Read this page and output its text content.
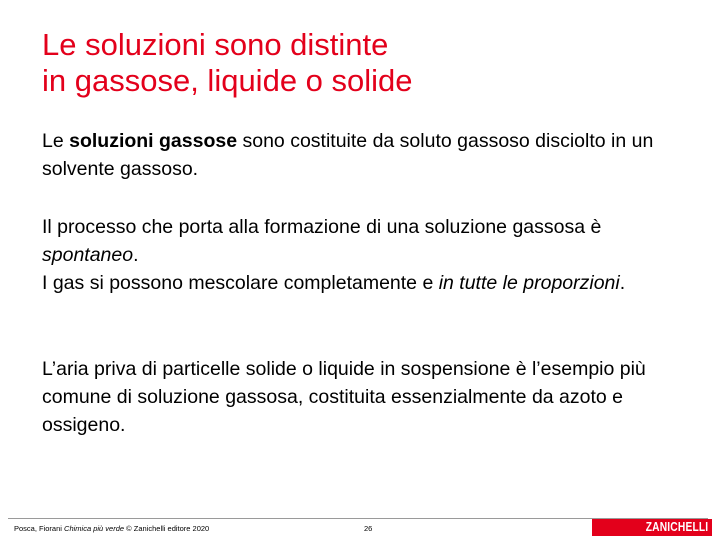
Le soluzioni sono distinte
in gassose, liquide o solide

Le soluzioni gassose sono costituite da soluto gassoso disciolto in un solvente gassoso.

Il processo che porta alla formazione di una soluzione gassosa è spontaneo.
I gas si possono mescolare completamente e in tutte le proporzioni.

L’aria priva di particelle solide o liquide in sospensione è l’esempio più comune di soluzione gassosa, costituita essenzialmente da azoto e ossigeno.

Posca, Fiorani Chimica più verde © Zanichelli editore 2020	26	ZANICHELLI
